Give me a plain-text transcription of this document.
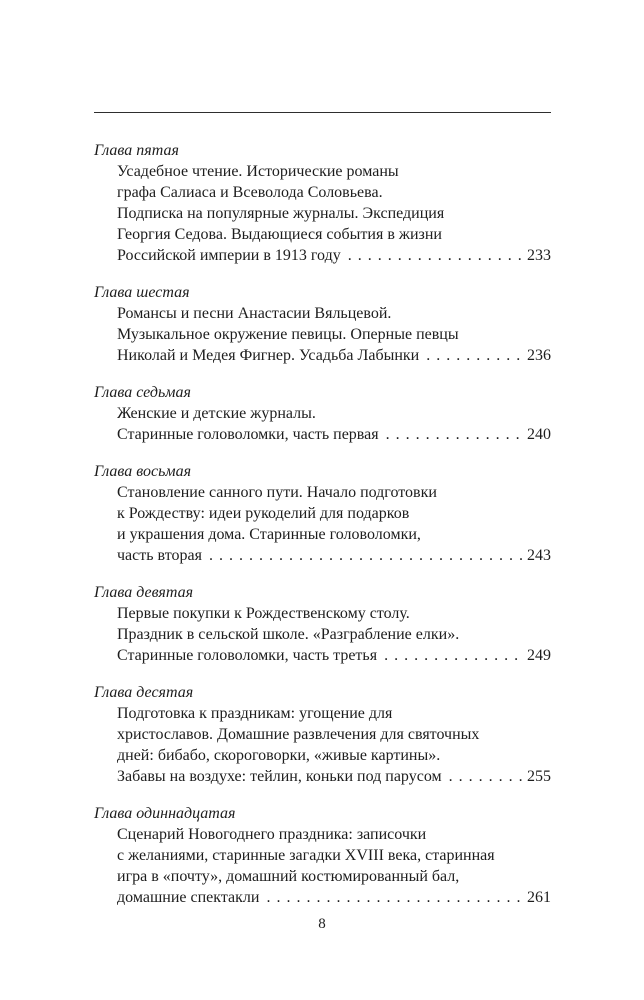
Глава пятая
Усадебное чтение. Исторические романы
графа Салиаса и Всеволода Соловьева.
Подписка на популярные журналы. Экспедиция
Георгия Седова. Выдающиеся события в жизни
Российской империи в 1913 году . . .	233
Глава шестая
Романсы и песни Анастасии Вяльцевой.
Музыкальное окружение певицы. Оперные певцы
Николай и Медея Фигнер. Усадьба Лабынки . . .	236
Глава седьмая
Женские и детские журналы.
Старинные головоломки, часть первая . . .	240
Глава восьмая
Становление санного пути. Начало подготовки
к Рождеству: идеи рукоделий для подарков
и украшения дома. Старинные головоломки,
часть вторая . . .	243
Глава девятая
Первые покупки к Рождественскому столу.
Праздник в сельской школе. «Разграбление елки».
Старинные головоломки, часть третья . . .	249
Глава десятая
Подготовка к праздникам: угощение для
христославов. Домашние развлечения для святочных
дней: бибабо, скороговорки, «живые картины».
Забавы на воздухе: тейлин, коньки под парусом . . .	255
Глава одиннадцатая
Сценарий Новогоднего праздника: записочки
с желаниями, старинные загадки XVIII века, старинная
игра в «почту», домашний костюмированный бал,
домашние спектакли . . .	261
8
